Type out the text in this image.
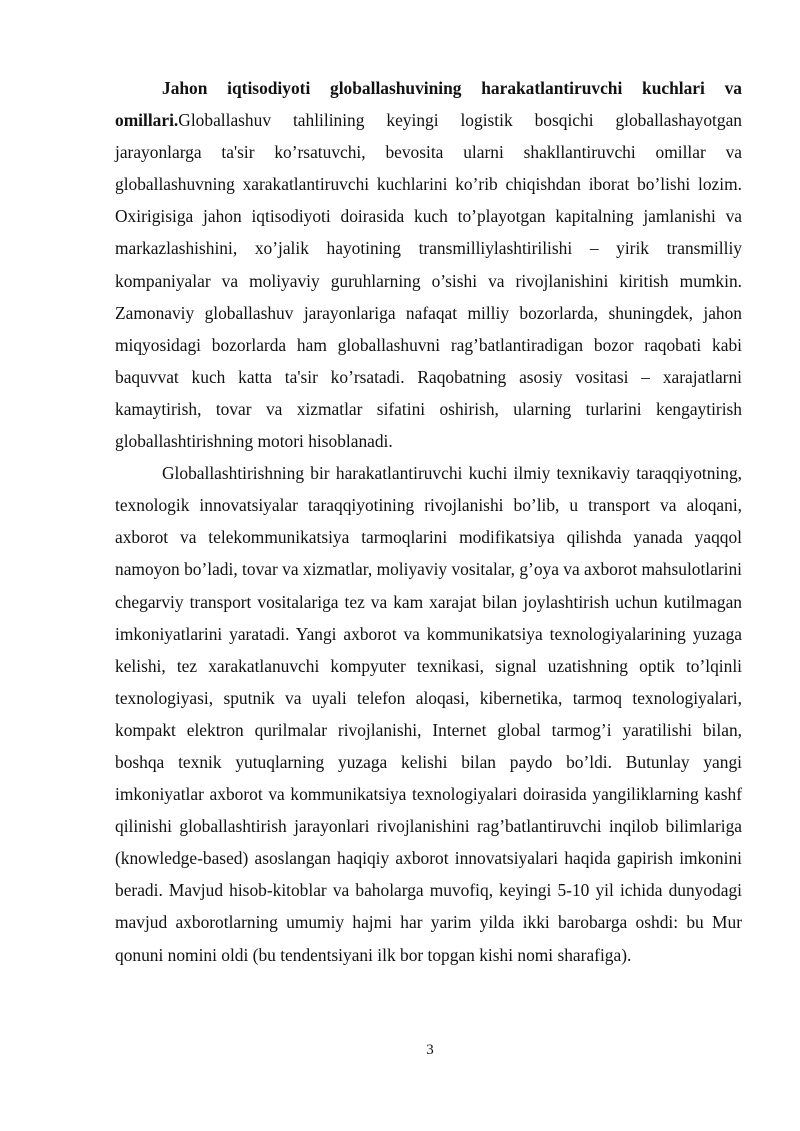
Jahon iqtisodiyoti globallashuvining harakatlantiruvchi kuchlari va omillari.Globallashuv tahlilining keyingi logistik bosqichi globallashayotgan jarayonlarga ta'sir ko’rsatuvchi, bevosita ularni shakllantiruvchi omillar va globallashuvning xarakatlantiruvchi kuchlarini ko’rib chiqishdan iborat bo’lishi lozim. Oxirigisiga jahon iqtisodiyoti doirasida kuch to’playotgan kapitalning jamlanishi va markazlashishini, xo’jalik hayotining transmilliylashtirilishi – yirik transmilliy kompaniyalar va moliyaviy guruhlarning o’sishi va rivojlanishini kiritish mumkin. Zamonaviy globallashuv jarayonlariga nafaqat milliy bozorlarda, shuningdek, jahon miqyosidagi bozorlarda ham globallashuvni rag’batlantiradigan bozor raqobati kabi baquvvat kuch katta ta'sir ko’rsatadi. Raqobatning asosiy vositasi – xarajatlarni kamaytirish, tovar va xizmatlar sifatini oshirish, ularning turlarini kengaytirish globallashtirishning motori hisoblanadi.

Globallashtirishning bir harakatlantiruvchi kuchi ilmiy texnikaviy taraqqiyotning, texnologik innovatsiyalar taraqqiyotining rivojlanishi bo’lib, u transport va aloqani, axborot va telekommunikatsiya tarmoqlarini modifikatsiya qilishda yanada yaqqol namoyon bo’ladi, tovar va xizmatlar, moliyaviy vositalar, g’oya va axborot mahsulotlarini chegarviy transport vositalariga tez va kam xarajat bilan joylashtirish uchun kutilmagan imkoniyatlarini yaratadi. Yangi axborot va kommunikatsiya texnologiyalarining yuzaga kelishi, tez xarakatlanuvchi kompyuter texnikasi, signal uzatishning optik to’lqinli texnologiyasi, sputnik va uyali telefon aloqasi, kibernetika, tarmoq texnologiyalari, kompakt elektron qurilmalar rivojlanishi, Internet global tarmog’i yaratilishi bilan, boshqa texnik yutuqlarning yuzaga kelishi bilan paydo bo’ldi. Butunlay yangi imkoniyatlar axborot va kommunikatsiya texnologiyalari doirasida yangiliklarning kashf qilinishi globallashtirish jarayonlari rivojlanishini rag’batlantiruvchi inqilob bilimlariga (knowledge-based) asoslangan haqiqiy axborot innovatsiyalari haqida gapirish imkonini beradi. Mavjud hisob-kitoblar va baholarga muvofiq, keyingi 5-10 yil ichida dunyodagi mavjud axborotlarning umumiy hajmi har yarim yilda ikki barobarga oshdi: bu Mur qonuni nomini oldi (bu tendentsiyani ilk bor topgan kishi nomi sharafiga).

3
